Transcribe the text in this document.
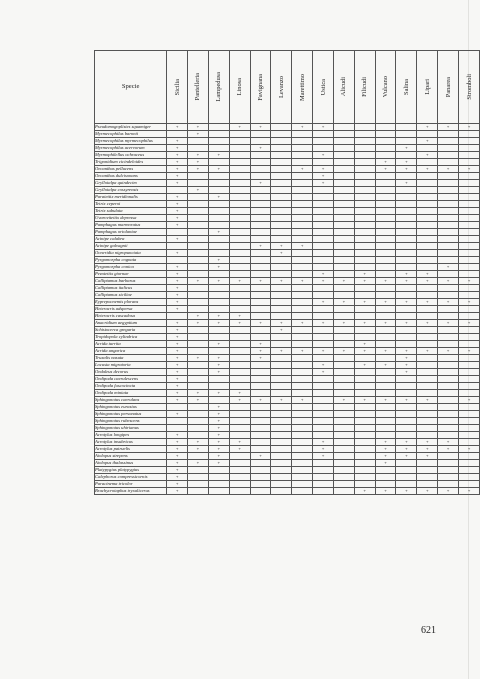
Specie	Sicilia	Pantelleria	Lampedusa	Linosa	Favignana	Levanzo	Marettimo	Ustica	Alicudi	Filicudi	Vulcano	Salina	Lipari	Panarea	Stromboli

Pseudomogoplistes squamiger	+	+		+	+		+	+					+	+	+
Myrmecophilus baronii		+													
Myrmecophilus myrmecophilus	+												+		
Myrmecophilus acervorum	+				+							+			
Myrmophilellus ochraceus	+	+	+					+					+		
Trigonidium cicindeloides	+	+									+	+			
Oecanthus pellucens	+	+	+				+	+			+	+	+	+	+
Oecanthus dulcisonans	+							+							
Gryllotalpa quindecim	+				+			+				+			
Gryllotalpa cossyrensis		+													
Paratettix meridionalis	+		+												
Tetrix ceperoi	+														
Tetrix subulata	+														
Uvarovitettix depressa	+														
Pamphagus marmoratus	+														
Pamphagus ortolaniae			+												
Acinipe calabra	+														
Acinipe galvagnii					+	+	+								
Ocneridia nigropunctata	+					+									
Pyrgomorpha cognata			+												
Pyrgomorpha conica	+		+											+	
Pezotettix giornae	+							+		+		+	+		
Calliptamus barbarus	+	+	+	+	+	+	+	+	+	+	+	+	+	+	+
Calliptamus italicus	+														
Calliptamus siciliae	+														
Eyprepocnemis plorans	+							+	+	+	+	+	+	+	+
Heteracris adspersa	+														
Heteracris cascadosa		+	+	+											
Anacridium aegyptium	+	+	+	+	+	+	+	+	+	+	+	+	+	+	+
Schistocerca gregaria	+					+									
Tropidopola cylindrica	+														
Acrida turrita	+		+		+					+					
Acrida ungarica	+				+	+	+	+	+	+	+	+	+	+	+
Truxalis nasuta	+	+	+		+							+			
Locusta migratoria	+		+					+		+	+	+			
Oedaleus decorus	+		+					+				+			
Oedipoda caerulescens	+														
Oedipoda fuscocincta	+														
Oedipoda miniata	+	+	+	+											
Sphingonotus caerulans	+	+		+	+	+	+		+	+	+	+	+		+
Sphingonotus eurasius			+												
Sphingonotus personatus	+		+												
Sphingonotus rubescens			+												
Sphingonotus uhirianus			+												
Acrotylus longipes	+		+												
Acrotylus insubricus	+	+	+	+				+			+	+	+	+	
Acrotylus patruelis	+	+	+	+				+			+	+	+	+	+
Aiolopus strepens	+		+		+			+			+	+	+		
Aiolopus thalassinus	+	+	+								+				
Platypygius platypygius	+														
Calephorus compressicornis	+														
Paracinema tricolor	+														
Brachycrotaphus tryxalicerus	+									+	+	+	+	+	+
621
